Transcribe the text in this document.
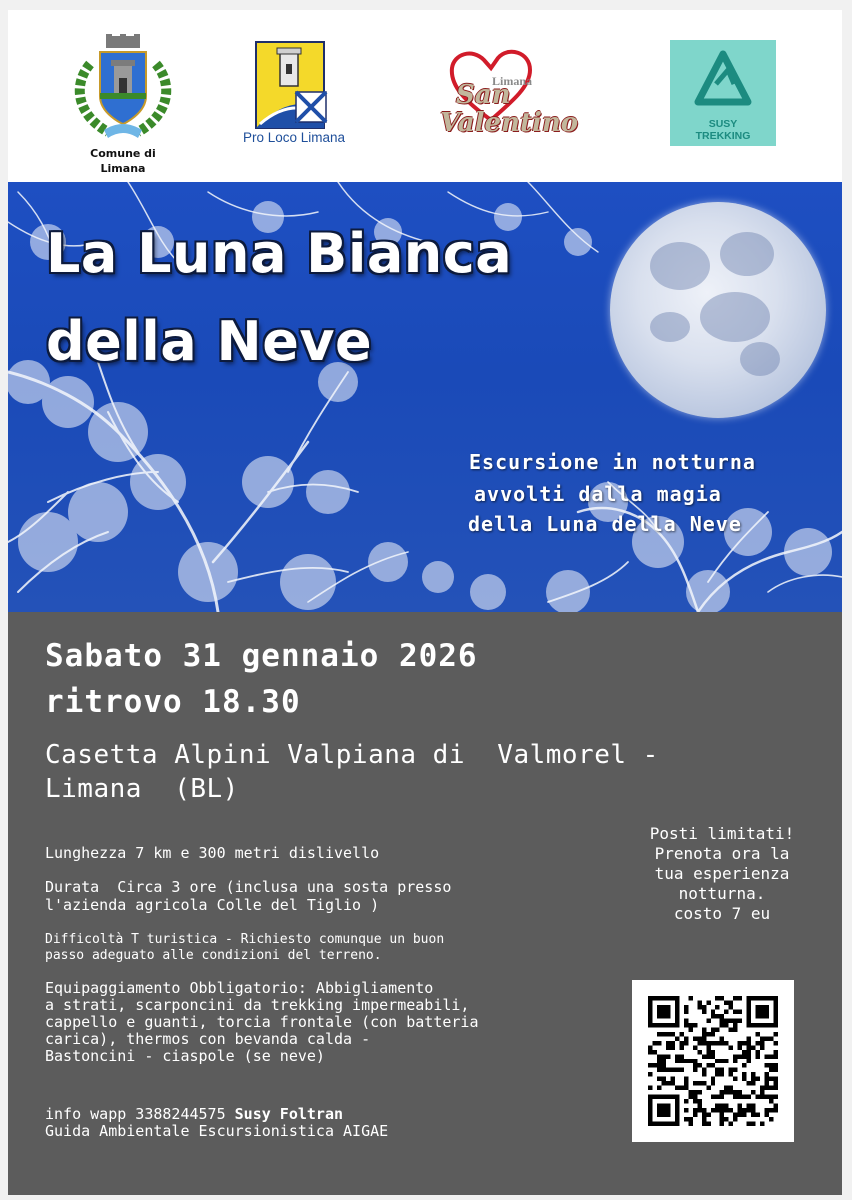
Comune di
Limana
Pro Loco Limana
Limana
San
Valentino	SUSY
TREKKING
La Luna Bianca
della Neve

Escursione in notturna

avvolti dalla magia

della Luna della Neve

Sabato 31 gennaio 2026

ritrovo 18.30

Casetta Alpini Valpiana di  Valmorel -
Limana  (BL)

Lunghezza 7 km e 300 metri dislivello

Durata  Circa 3 ore (inclusa una sosta presso
l'azienda agricola Colle del Tiglio )

Difficoltà T turistica - Richiesto comunque un buon
passo adeguato alle condizioni del terreno.

Equipaggiamento Obbligatorio: Abbigliamento
a strati, scarponcini da trekking impermeabili,
cappello e guanti, torcia frontale (con batteria
carica), thermos con bevanda calda -
Bastoncini - ciaspole (se neve)

info wapp 3388244575 Susy Foltran
Guida Ambientale Escursionistica AIGAE

Posti limitati!
Prenota ora la
tua esperienza
notturna.
costo 7 eu
